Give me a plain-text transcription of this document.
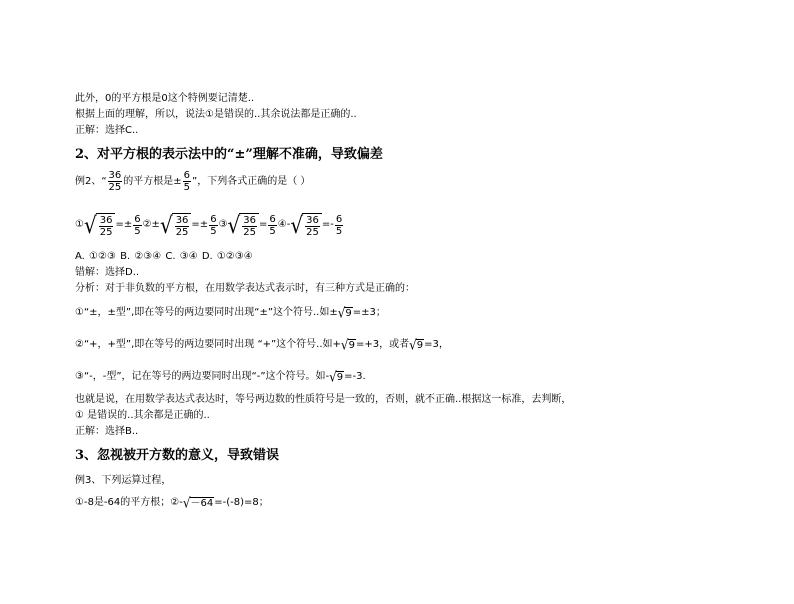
此外，0的平方根是0这个特例要记清楚..
根据上面的理解，所以，说法①是错误的..其余说法都是正确的..
正解：选择C..
2、对平方根的表示法中的“±”理解不准确，导致偏差
例2、“ $\frac{36}{25}$ 的平方根是± $\frac{6}{5}$ ”，下列各式正确的是（ ）
① √ $\frac{36}{25} =\pm \frac{6}{5}$ ②± √ $\frac{36}{25} =\pm \frac{6}{5}$ ③ √ $\frac{36}{25} = \frac{6}{5}$ ④- √ $\frac{36}{25} =- \frac{6}{5}$
A. ①②③ B. ②③④ C. ③④ D. ①②③④
错解：选择D..
分析：对于非负数的平方根，在用数学表达式表示时，有三种方式是正确的：
①“±，±型”,即在等号的两边要同时出现“±”这个符号..如± √ 9 =±3；
②“+，+型”,即在等号的两边要同时出现 “+”这个符号..如+ √ 9 =+3，或者 √ 9 =3，
③“-，-型”，记在等号的两边要同时出现“-”这个符号。如- √ 9 =-3.
也就是说，在用数学表达式表达时，等号两边数的性质符号是一致的，否则，就不正确..根据这一标准，去判断，
① 是错误的..其余都是正确的..
正解：选择B..
3、忽视被开方数的意义，导致错误
例3、下列运算过程，
①-8是-64的平方根；②- √ －64 =-(-8)=8；
